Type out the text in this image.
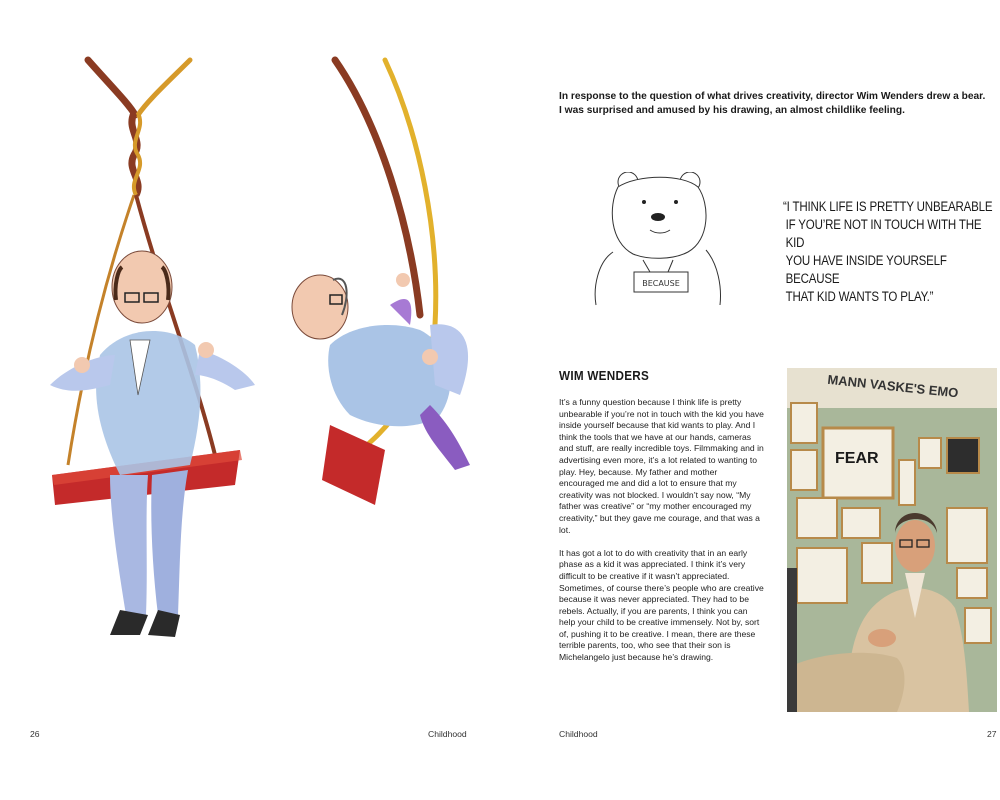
26	Childhood
In response to the question of what drives creativity, director Wim Wenders drew a bear. I was surprised and amused by his drawing, an almost childlike feeling.
BECAUSE
“I THINK LIFE IS PRETTY UNBEARABLE
IF YOU’RE NOT IN TOUCH WITH THE KID
YOU HAVE INSIDE YOURSELF BECAUSE
THAT KID WANTS TO PLAY.”
WIM WENDERS

It’s a funny question because I think life is pretty unbearable if you’re not in touch with the kid you have inside yourself because that kid wants to play. And I think the tools that we have at our hands, cameras and stuff, are really incredible toys. Filmmaking and in advertising even more, it’s a lot related to wanting to play. Hey, because. My father and mother encouraged me and did a lot to ensure that my creativity was not blocked. I wouldn’t say now, “My father was creative” or “my mother encouraged my creativity,” but they gave me courage, and that was a lot.

It has got a lot to do with creativity that in an early phase as a kid it was appreciated. I think it’s very difficult to be creative if it wasn’t appreciated. Sometimes, of course there’s people who are creative because it was never appreciated. They had to be rebels. Actually, if you are parents, I think you can help your child to be creative immensely. Not by, sort of, pushing it to be creative. I mean, there are these terrible parents, too, who see that their son is Michelangelo just because he’s drawing.

MANN VASKE'S EMO
FEAR
Childhood	27
